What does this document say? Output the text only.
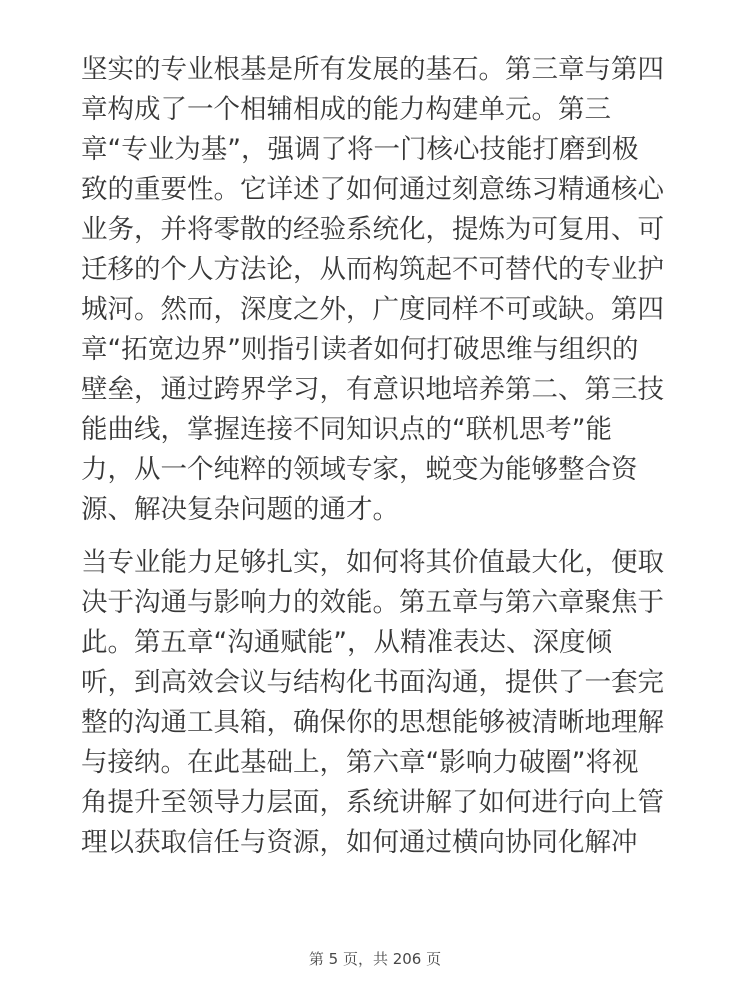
坚实的专业根基是所有发展的基石。第三章与第四
章构成了一个相辅相成的能力构建单元。第三
章“专业为基”，强调了将一门核心技能打磨到极
致的重要性。它详述了如何通过刻意练习精通核心
业务，并将零散的经验系统化，提炼为可复用、可
迁移的个人方法论，从而构筑起不可替代的专业护
城河。然而，深度之外，广度同样不可或缺。第四
章“拓宽边界”则指引读者如何打破思维与组织的
壁垒，通过跨界学习，有意识地培养第二、第三技
能曲线，掌握连接不同知识点的“联机思考”能
力，从一个纯粹的领域专家，蜕变为能够整合资
源、解决复杂问题的通才。
当专业能力足够扎实，如何将其价值最大化，便取
决于沟通与影响力的效能。第五章与第六章聚焦于
此。第五章“沟通赋能”，从精准表达、深度倾
听，到高效会议与结构化书面沟通，提供了一套完
整的沟通工具箱，确保你的思想能够被清晰地理解
与接纳。在此基础上，第六章“影响力破圈”将视
角提升至领导力层面，系统讲解了如何进行向上管
理以获取信任与资源，如何通过横向协同化解冲
第 5 页，共 206 页
